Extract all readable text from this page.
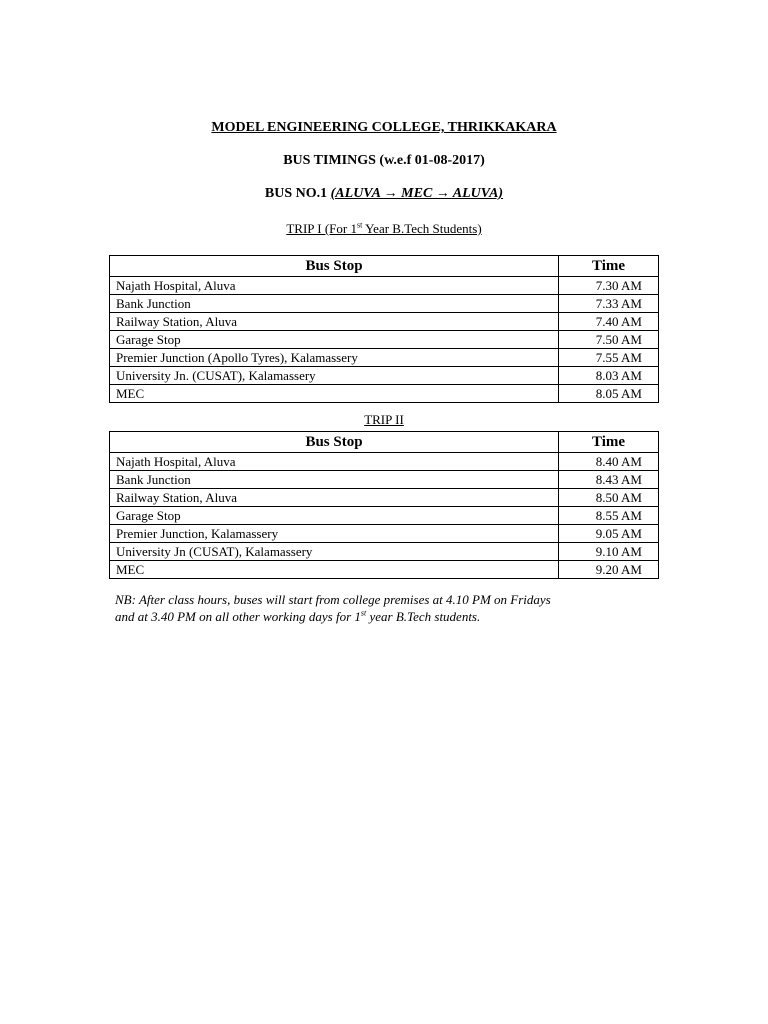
MODEL ENGINEERING COLLEGE, THRIKKAKARA
BUS TIMINGS (w.e.f 01-08-2017)
BUS NO.1 (ALUVA → MEC → ALUVA)
TRIP I (For 1st Year B.Tech Students)
Bus Stop	Time
Najath Hospital, Aluva	7.30 AM
Bank Junction	7.33 AM
Railway Station, Aluva	7.40 AM
Garage Stop	7.50 AM
Premier Junction (Apollo Tyres), Kalamassery	7.55 AM
University Jn. (CUSAT), Kalamassery	8.03 AM
MEC	8.05 AM
TRIP II
Bus Stop	Time
Najath Hospital, Aluva	8.40 AM
Bank Junction	8.43 AM
Railway Station, Aluva	8.50 AM
Garage Stop	8.55 AM
Premier Junction, Kalamassery	9.05 AM
University Jn (CUSAT), Kalamassery	9.10 AM
MEC	9.20 AM
NB: After class hours, buses will start from college premises at 4.10 PM on Fridays
and at 3.40 PM on all other working days for 1st year B.Tech students.
